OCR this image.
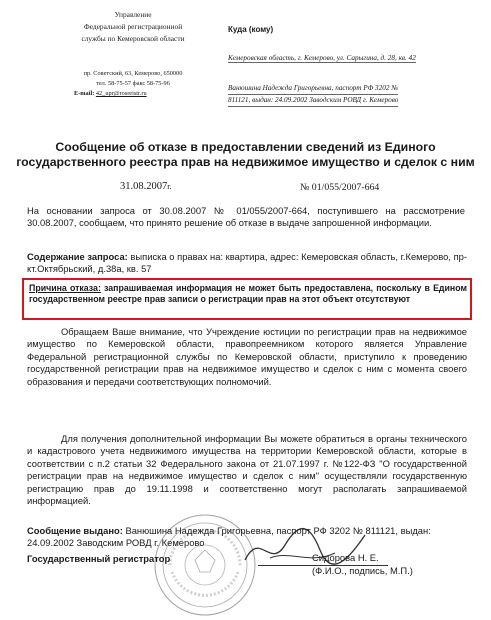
Управление
Федеральной регистрационной
службы по Кемеровской области
пр. Советский, 63, Кемерово, 650000
тел. 58-75-57 факс 58-75-96
E-mail: 42_upr@rosreistr.ru
Куда (кому)
Кемеровская область, г. Кемерово, ул. Сарыгина, д. 28, кв. 42
Ванюшина Надежда Григорьевна, паспорт РФ 3202 №
811121, выдан: 24.09.2002 Заводским РОВД г. Кемерово
Сообщение об отказе в предоставлении сведений из Единого
государственного реестра прав на недвижимое имущество и сделок с ним
31.08.2007г.	№ 01/055/2007-664
На основании запроса от 30.08.2007 № 01/055/2007-664, поступившего на рассмотрение 30.08.2007, сообщаем, что принято решение об отказе в выдаче запрошенной информации.
Содержание запроса: выписка о правах на: квартира, адрес: Кемеровская область, г.Кемерово, пр-кт.Октябрьский, д.38а, кв. 57
Причина отказа: запрашиваемая информация не может быть предоставлена, поскольку в Едином государственном реестре прав записи о регистрации прав на этот объект отсутствуют
Обращаем Ваше внимание, что Учреждение юстиции по регистрации прав на недвижимое имущество по Кемеровской области, правопреемником которого является Управление Федеральной регистрационной службы по Кемеровской области, приступило к проведению государственной регистрации прав на недвижимое имущество и сделок с ним с момента своего образования и передачи соответствующих полномочий.
Для получения дополнительной информации Вы можете обратиться в органы технического и кадастрового учета недвижимого имущества на территории Кемеровской области, которые в соответствии с п.2 статьи 32 Федерального закона от 21.07.1997 г. №122-ФЗ "О государственной регистрации прав на недвижимое имущество и сделок с ним" осуществляли государственную регистрацию прав до 19.11.1998 и соответственно могут располагать запрашиваемой информацией.
Сообщение выдано: Ванюшина Надежда Григорьевна, паспорт РФ 3202 № 811121, выдан: 24.09.2002 Заводским РОВД г. Кемерово
Государственный регистратор	Сидорова Н. Е.
(Ф.И.О., подпись, М.П.)
